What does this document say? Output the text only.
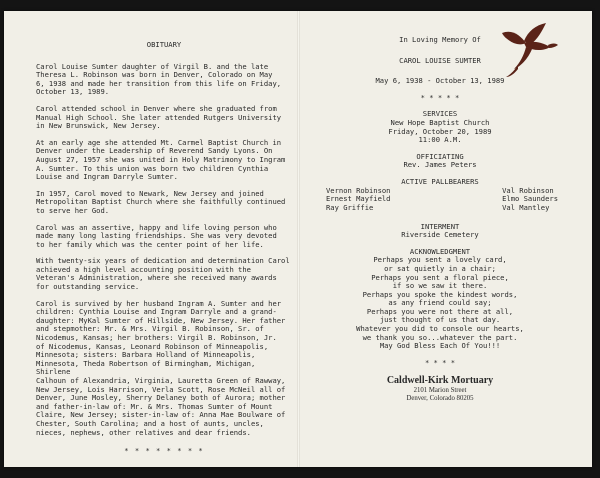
OBITUARY

Carol Louise Sumter daughter of Virgil B. and the late
Theresa L. Robinson was born in Denver, Colorado on May
6, 1938 and made her transition from this life on Friday,
October 13, 1989.

Carol attended school in Denver where she graduated from
Manual High School. She later attended Rutgers University
in New Brunswick, New Jersey.

At an early age she attended Mt. Carmel Baptist Church in
Denver under the Leadership of Reverend Sandy Lyons. On
August 27, 1957 she was united in Holy Matrimony to Ingram
A. Sumter. To this union was born two children Cynthia
Louise and Ingram Darryle Sumter.

In 1957, Carol moved to Newark, New Jersey and joined
Metropolitan Baptist Church where she faithfully continued
to serve her God.

Carol was an assertive, happy and life loving person who
made many long lasting friendships. She was very devoted
to her family which was the center point of her life.

With twenty-six years of dedication and determination Carol
achieved a high level accounting position with the
Veteran's Administration, where she received many awards
for outstanding service.

Carol is survived by her husband Ingram A. Sumter and her
children: Cynthia Louise and Ingram Darryle and a grand-
daughter: MyKal Sumter of Hillside, New Jersey. Her father
and stepmother: Mr. & Mrs. Virgil B. Robinson, Sr. of
Nicodemus, Kansas; her brothers: Virgil B. Robinson, Jr.
of Nicodemus, Kansas, Leonard Robinson of Minneapolis,
Minnesota; sisters: Barbara Holland of Minneapolis,
Minnesota, Theda Robertson of Birmingham, Michigan, Shirlene
Calhoun of Alexandria, Virginia, Lauretta Green of Rawway,
New Jersey, Lois Harrison, Verla Scott, Rose McNeil all of
Denver, June Mosley, Sherry Delaney both of Aurora; mother
and father-in-law of: Mr. & Mrs. Thomas Sumter of Mount
Claire, New Jersey; sister-in-law of: Anna Mae Boulware of
Chester, South Carolina; and a host of aunts, uncles,
nieces, nephews, other relatives and dear friends.

* * * * * * * *
In Loving Memory Of
CAROL LOUISE SUMTER
May 6, 1938 - October 13, 1989
* * * * *
SERVICES
New Hope Baptist Church
Friday, October 20, 1989
11:00 A.M.
OFFICIATING
Rev. James Peters
ACTIVE PALLBEARERS
Vernon Robinson
Ernest Mayfield
Ray Griffie
Val Robinson
Elmo Saunders
Val Mantley
INTERMENT
Riverside Cemetery
ACKNOWLEDGMENT
Perhaps you sent a lovely card,
or sat quietly in a chair;
Perhaps you sent a floral piece,
if so we saw it there.
Perhaps you spoke the kindest words,
as any friend could say;
Perhaps you were not there at all,
just thought of us that day.
Whatever you did to console our hearts,
we thank you so...whatever the part.
May God Bless Each Of You!!!
* * * *
Caldwell-Kirk Mortuary
2101 Marion Street
Denver, Colorado 80205
